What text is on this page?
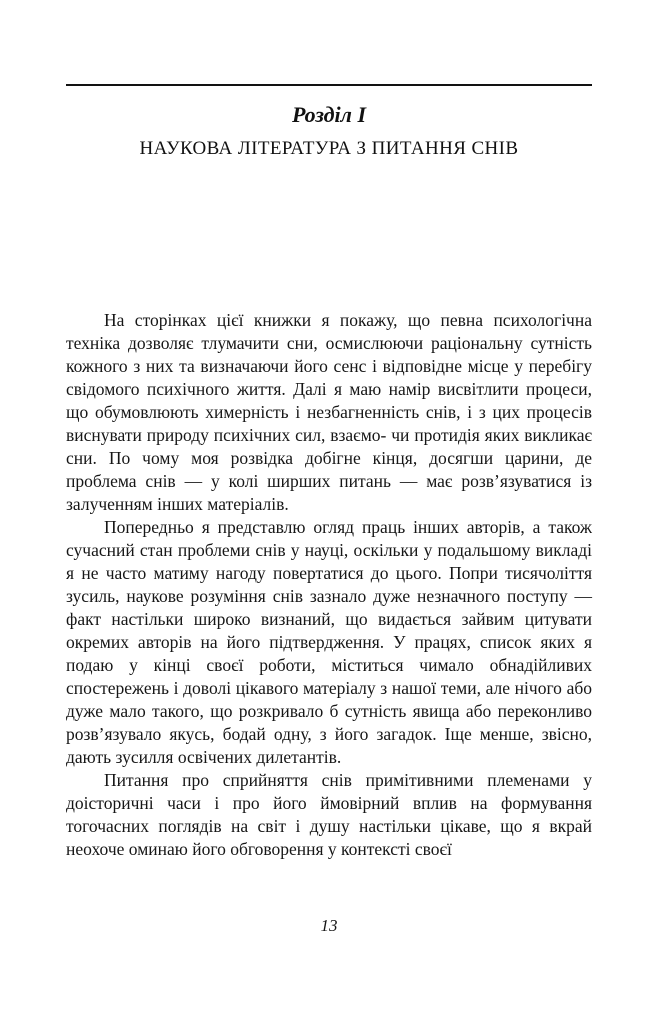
Розділ I
НАУКОВА ЛІТЕРАТУРА З ПИТАННЯ СНІВ

На сторінках цієї книжки я покажу, що певна психологічна техніка дозволяє тлумачити сни, осмислюючи раціональну сутність кожного з них та визначаючи його сенс і відповідне місце у перебігу свідомого психічного життя. Далі я маю намір висвітлити процеси, що обумовлюють химерність і незбагненність снів, і з цих процесів виснувати природу психічних сил, взаємо- чи протидія яких викликає сни. По чому моя розвідка добігне кінця, досягши царини, де проблема снів — у колі ширших питань — має розв’язуватися із залученням інших матеріалів.

Попередньо я представлю огляд праць інших авторів, а також сучасний стан проблеми снів у науці, оскільки у подальшому викладі я не часто матиму нагоду повертатися до цього. Попри тисячоліття зусиль, наукове розуміння снів зазнало дуже незначного поступу — факт настільки широко визнаний, що видається зайвим цитувати окремих авторів на його підтвердження. У працях, список яких я подаю у кінці своєї роботи, міститься чимало обнадійливих спостережень і доволі цікавого матеріалу з нашої теми, але нічого або дуже мало такого, що розкривало б сутність явища або переконливо розв’язувало якусь, бодай одну, з його загадок. Іще менше, звісно, дають зусилля освічених дилетантів.

Питання про сприйняття снів примітивними племенами у доісторичні часи і про його ймовірний вплив на формування тогочасних поглядів на світ і душу настільки цікаве, що я вкрай неохоче оминаю його обговорення у контексті своєї

13
